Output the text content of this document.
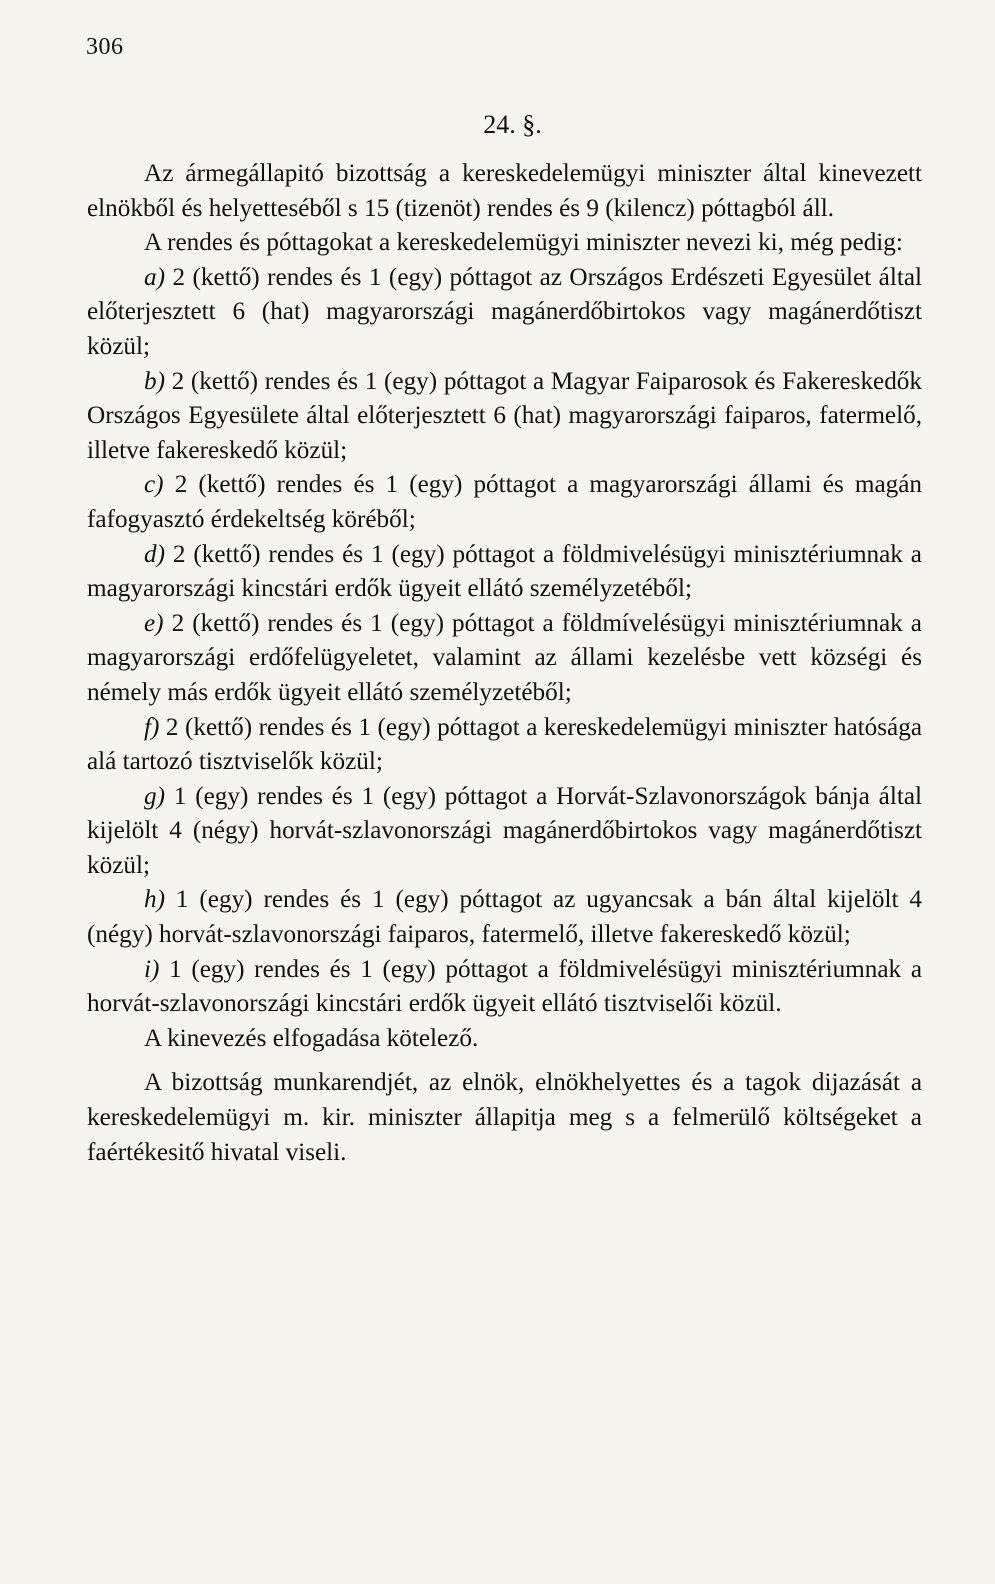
306
24. §.

Az ármegállapitó bizottság a kereskedelemügyi miniszter által kinevezett elnökből és helyetteséből s 15 (tizenöt) rendes és 9 (kilencz) póttagból áll.

A rendes és póttagokat a kereskedelemügyi miniszter nevezi ki, még pedig:

a) 2 (kettő) rendes és 1 (egy) póttagot az Országos Erdészeti Egyesület által előterjesztett 6 (hat) magyarországi magánerdőbirtokos vagy magánerdőtiszt közül;

b) 2 (kettő) rendes és 1 (egy) póttagot a Magyar Faiparosok és Fakereskedők Országos Egyesülete által előterjesztett 6 (hat) magyarországi faiparos, fatermelő, illetve fakereskedő közül;

c) 2 (kettő) rendes és 1 (egy) póttagot a magyarországi állami és magán fafogyasztó érdekeltség köréből;

d) 2 (kettő) rendes és 1 (egy) póttagot a földmivelésügyi minisztériumnak a magyarországi kincstári erdők ügyeit ellátó személyzetéből;

e) 2 (kettő) rendes és 1 (egy) póttagot a földmívelésügyi minisztériumnak a magyarországi erdőfelügyeletet, valamint az állami kezelésbe vett községi és némely más erdők ügyeit ellátó személyzetéből;

f) 2 (kettő) rendes és 1 (egy) póttagot a kereskedelemügyi miniszter hatósága alá tartozó tisztviselők közül;

g) 1 (egy) rendes és 1 (egy) póttagot a Horvát-Szlavonországok bánja által kijelölt 4 (négy) horvát-szlavonországi magánerdőbirtokos vagy magánerdőtiszt közül;

h) 1 (egy) rendes és 1 (egy) póttagot az ugyancsak a bán által kijelölt 4 (négy) horvát-szlavonországi faiparos, fatermelő, illetve fakereskedő közül;

i) 1 (egy) rendes és 1 (egy) póttagot a földmivelésügyi minisztériumnak a horvát-szlavonországi kincstári erdők ügyeit ellátó tisztviselői közül.

A kinevezés elfogadása kötelező.

A bizottság munkarendjét, az elnök, elnökhelyettes és a tagok dijazását a kereskedelemügyi m. kir. miniszter állapitja meg s a felmerülő költségeket a faértékesitő hivatal viseli.
